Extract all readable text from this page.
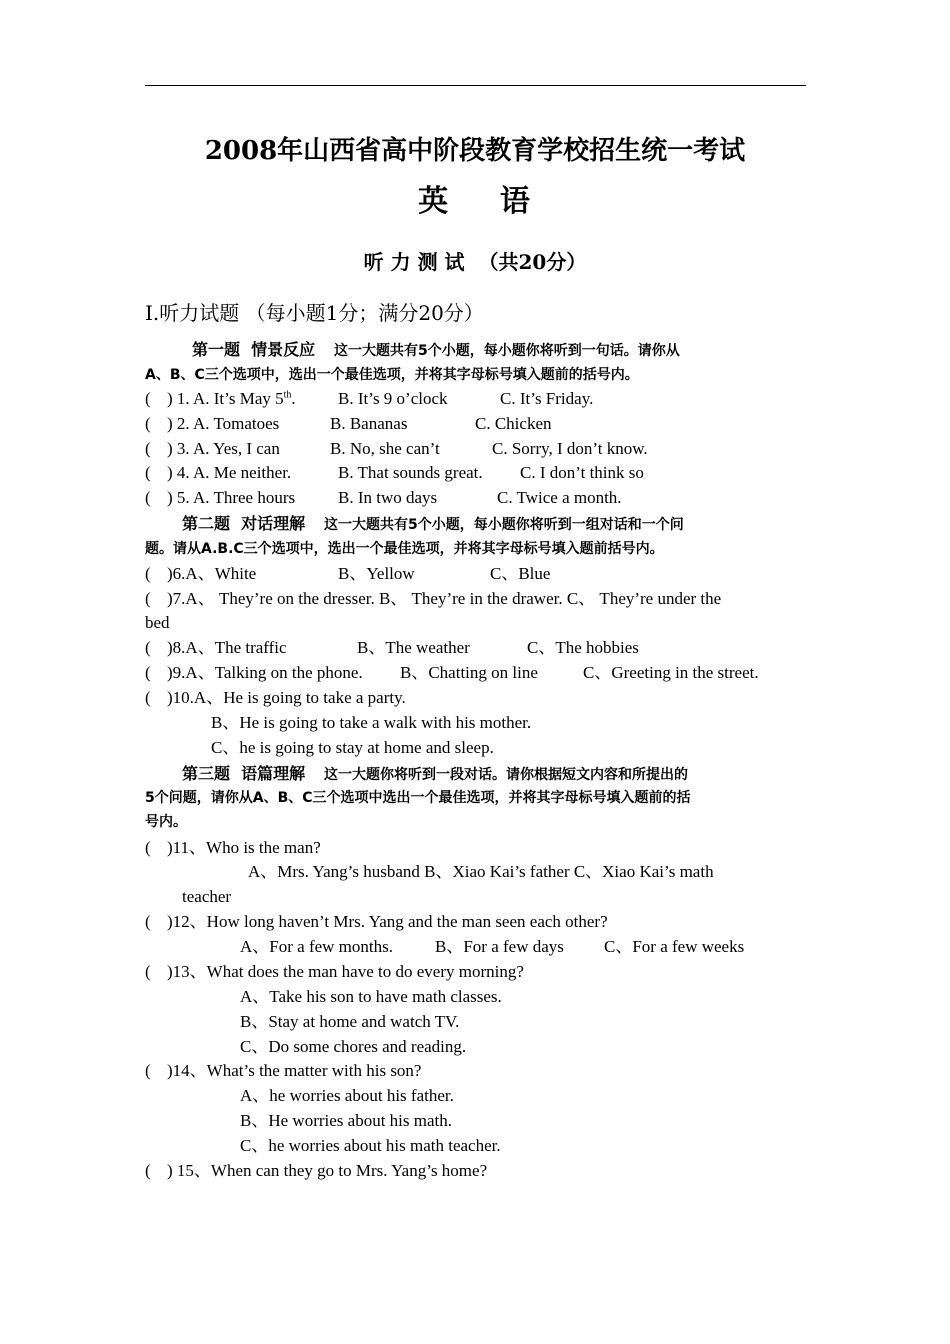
2008年山西省高中阶段教育学校招生统一考试
英    语
听 力 测 试  （共20分）
I.听力试题 （每小题1分；满分20分）
第一题  情景反应 这一大题共有5个小题，每小题你将听到一句话。请你从
A、B、C三个选项中，选出一个最佳选项，并将其字母标号填入题前的括号内。
( ) 1. A. It’s May 5th. B. It’s 9 o’clock	C. It’s Friday.
( ) 2. A. Tomatoes	B. Bananas	C. Chicken
( ) 3. A. Yes, I can	B. No, she can’t	C. Sorry, I don’t know.
( ) 4. A. Me neither.	B. That sounds great. C. I don’t think so
( ) 5. A. Three hours	B. In two days	C. Twice a month.
第二题  对话理解 这一大题共有5个小题，每小题你将听到一组对话和一个问
题。请从A.B.C三个选项中，选出一个最佳选项，并将其字母标号填入题前括号内。
( )6.A、White	B、Yellow	C、Blue
( )7.A、 They’re on the dresser. B、 They’re in the drawer. C、 They’re under the
bed
( )8.A、The traffic	B、The weather	C、The hobbies
( )9.A、Talking on the phone. B、Chatting on line	C、Greeting in the street.
( )10.A、He is going to take a party.
B、He is going to take a walk with his mother.
C、he is going to stay at home and sleep.
第三题  语篇理解 这一大题你将听到一段对话。请你根据短文内容和所提出的
5个问题，请你从A、B、C三个选项中选出一个最佳选项，并将其字母标号填入题前的括
号内。
( )11、Who is the man?
A、Mrs. Yang’s husband B、Xiao Kai’s father C、Xiao Kai’s math
teacher
( )12、How long haven’t Mrs. Yang and the man seen each other?
A、For a few months. B、For a few days C、For a few weeks
( )13、What does the man have to do every morning?
A、Take his son to have math classes.
B、Stay at home and watch TV.
C、Do some chores and reading.
( )14、What’s the matter with his son?
A、he worries about his father.
B、He worries about his math.
C、he worries about his math teacher.
( ) 15、When can they go to Mrs. Yang’s home?
